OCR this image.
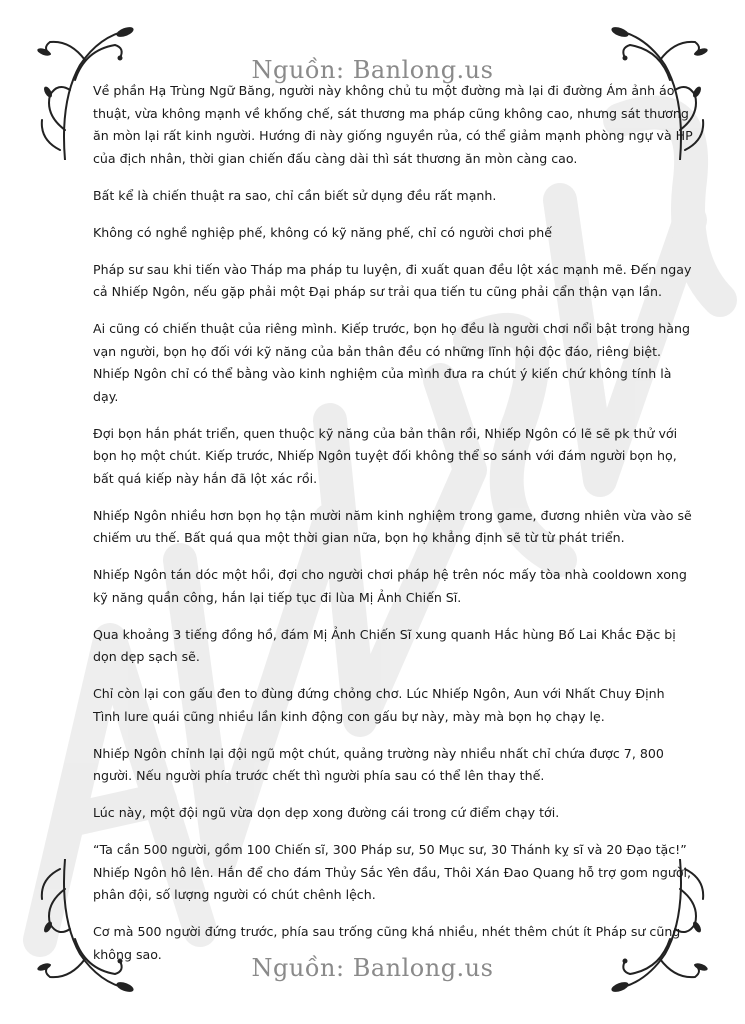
Nguồn: Banlong.us

Về phần Hạ Trùng Ngữ Băng, người này không chủ tu một đường mà lại đi đường Ám ảnh áo thuật, vừa không mạnh về khống chế, sát thương ma pháp cũng không cao, nhưng sát thương ăn mòn lại rất kinh người. Hướng đi này giống nguyền rủa, có thể giảm mạnh phòng ngự và HP của địch nhân, thời gian chiến đấu càng dài thì sát thương ăn mòn càng cao.

Bất kể là chiến thuật ra sao, chỉ cần biết sử dụng đều rất mạnh.

Không có nghề nghiệp phế, không có kỹ năng phế, chỉ có người chơi phế

Pháp sư sau khi tiến vào Tháp ma pháp tu luyện, đi xuất quan đều lột xác mạnh mẽ. Đến ngay cả Nhiếp Ngôn, nếu gặp phải một Đại pháp sư trải qua tiến tu cũng phải cẩn thận vạn lần.

Ai cũng có chiến thuật của riêng mình. Kiếp trước, bọn họ đều là người chơi nổi bật trong hàng vạn người, bọn họ đối với kỹ năng của bản thân đều có những lĩnh hội độc đáo, riêng biệt. Nhiếp Ngôn chỉ có thể bằng vào kinh nghiệm của mình đưa ra chút ý kiến chứ không tính là dạy.

Đợi bọn hắn phát triển, quen thuộc kỹ năng của bản thân rồi, Nhiếp Ngôn có lẽ sẽ pk thử với bọn họ một chút. Kiếp trước, Nhiếp Ngôn tuyệt đối không thể so sánh với đám người bọn họ, bất quá kiếp này hắn đã lột xác rồi.

Nhiếp Ngôn nhiều hơn bọn họ tận mười năm kinh nghiệm trong game, đương nhiên vừa vào sẽ chiếm ưu thế. Bất quá qua một thời gian nữa, bọn họ khẳng định sẽ từ từ phát triển.

Nhiếp Ngôn tán dóc một hồi, đợi cho người chơi pháp hệ trên nóc mấy tòa nhà cooldown xong kỹ năng quần công, hắn lại tiếp tục đi lùa Mị Ảnh Chiến Sĩ.

Qua khoảng 3 tiếng đồng hồ, đám Mị Ảnh Chiến Sĩ xung quanh Hắc hùng Bố Lai Khắc Đặc bị dọn dẹp sạch sẽ.

Chỉ còn lại con gấu đen to đùng đứng chỏng chơ. Lúc Nhiếp Ngôn, Aun với Nhất Chuy Định Tình lure quái cũng nhiều lần kinh động con gấu bự này, mày mà bọn họ chạy lẹ.

Nhiếp Ngôn chỉnh lại đội ngũ một chút, quảng trường này nhiều nhất chỉ chứa được 7, 800 người. Nếu người phía trước chết thì người phía sau có thể lên thay thế.

Lúc này, một đội ngũ vừa dọn dẹp xong đường cái trong cứ điểm chạy tới.

“Ta cần 500 người, gồm 100 Chiến sĩ, 300 Pháp sư, 50 Mục sư, 30 Thánh kỵ sĩ và 20 Đạo tặc!” Nhiếp Ngôn hô lên. Hắn để cho đám Thủy Sắc Yên đầu, Thôi Xán Đao Quang hỗ trợ gom người, phân đội, số lượng người có chút chênh lệch.

Cơ mà 500 người đứng trước, phía sau trống cũng khá nhiều, nhét thêm chút ít Pháp sư cũng không sao.	Nguồn: Banlong.us
